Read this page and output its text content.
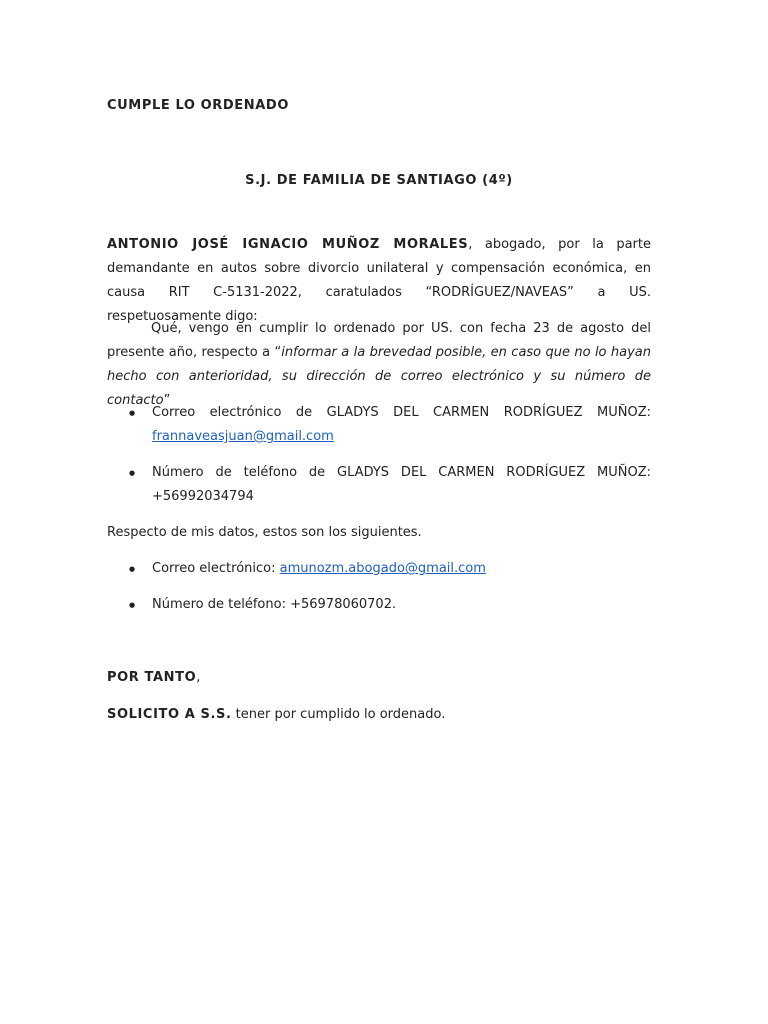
CUMPLE LO ORDENADO
S.J. DE FAMILIA DE SANTIAGO (4º)
ANTONIO JOSÉ IGNACIO MUÑOZ MORALES, abogado, por la parte demandante en autos sobre divorcio unilateral y compensación económica, en causa RIT C-5131-2022, caratulados “RODRÍGUEZ/NAVEAS” a US. respetuosamente digo:
Qué, vengo en cumplir lo ordenado por US. con fecha 23 de agosto del presente año, respecto a “informar a la brevedad posible, en caso que no lo hayan hecho con anterioridad, su dirección de correo electrónico y su número de contacto”
● Correo electrónico de GLADYS DEL CARMEN RODRÍGUEZ MUÑOZ: frannaveasjuan@gmail.com
● Número de teléfono de GLADYS DEL CARMEN RODRÍGUEZ MUÑOZ: +56992034794
Respecto de mis datos, estos son los siguientes.
● Correo electrónico: amunozm.abogado@gmail.com
● Número de teléfono: +56978060702.
POR TANTO,
SOLICITO A S.S. tener por cumplido lo ordenado.
